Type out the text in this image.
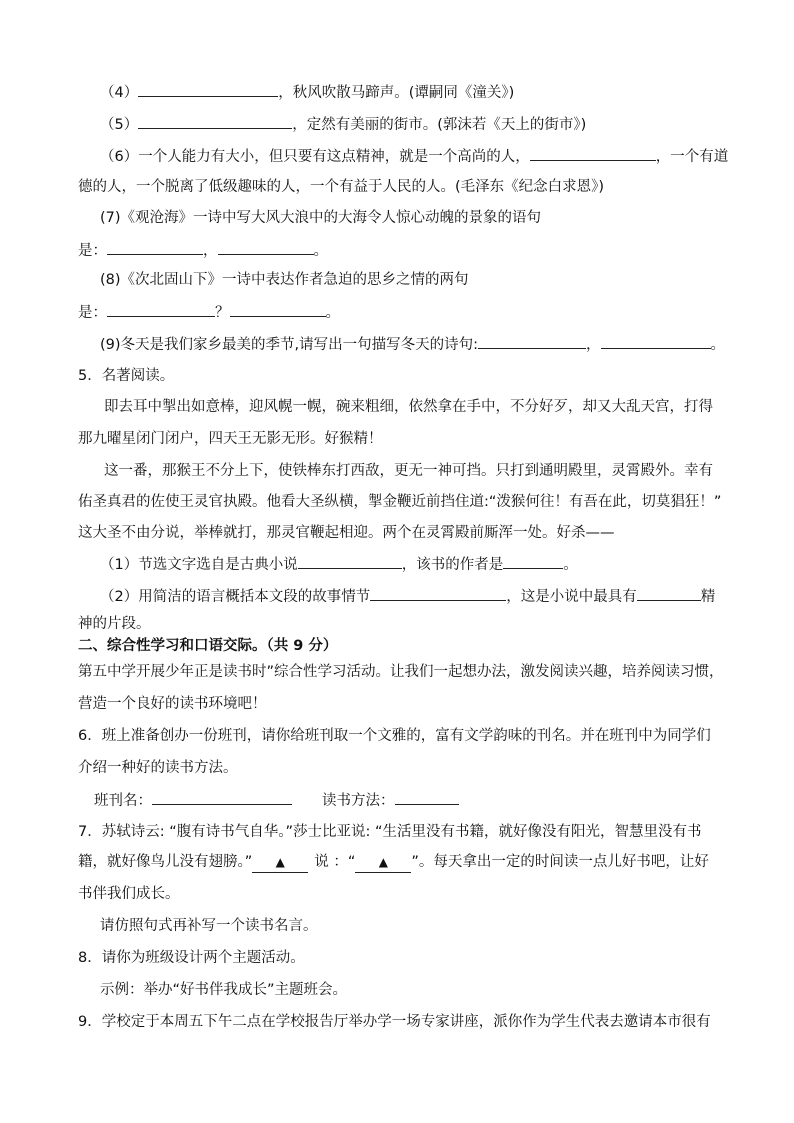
（4）	，秋风吹散马蹄声。(谭嗣同《潼关》)
（5）	，定然有美丽的街市。(郭沫若《天上的街市》)
（6）一个人能力有大小，但只要有这点精神，就是一个高尚的人，	，一个有道
德的人，一个脱离了低级趣味的人，一个有益于人民的人。(毛泽东《纪念白求恩》)
(7)《观沧海》一诗中写大风大浪中的大海令人惊心动魄的景象的语句
是：	，	。
(8)《次北固山下》一诗中表达作者急迫的思乡之情的两句
是：	？	。
(9)冬天是我们家乡最美的季节,请写出一句描写冬天的诗句:	，	。
5．名著阅读。
即去耳中掣出如意棒，迎风幌一幌，碗来粗细，依然拿在手中，不分好歹，却又大乱天宫，打得
那九曜星闭门闭户，四天王无影无形。好猴精！
这一番，那猴王不分上下，使铁棒东打西敌，更无一神可挡。只打到通明殿里，灵霄殿外。幸有
佑圣真君的佐使王灵官执殿。他看大圣纵横，掣金鞭近前挡住道:“泼猴何往！有吾在此，切莫猖狂！”
这大圣不由分说，举棒就打，那灵官鞭起相迎。两个在灵霄殿前厮浑一处。好杀——
（1）节选文字选自是古典小说	，该书的作者是	。
（2）用简洁的语言概括本文段的故事情节	，这是小说中最具有	精
神的片段。
二、综合性学习和口语交际。（共 9 分）
第五中学开展少年正是读书时”综合性学习活动。让我们一起想办法，激发阅读兴趣，培养阅读习惯，
营造一个良好的读书环境吧！
6．班上准备创办一份班刊，请你给班刊取一个文雅的，富有文学韵味的刊名。并在班刊中为同学们
介绍一种好的读书方法。
班刊名：	读书方法：
7．苏轼诗云: “腹有诗书气自华。”莎士比亚说: “生活里没有书籍，就好像没有阳光，智慧里没有书
籍，就好像鸟儿没有翅膀。” ▲ 说 ：“ ▲ ”。每天拿出一定的时间读一点儿好书吧，让好
书伴我们成长。
请仿照句式再补写一个读书名言。
8．请你为班级设计两个主题活动。
示例：举办“好书伴我成长”主题班会。
9．学校定于本周五下午二点在学校报告厅举办学一场专家讲座，派你作为学生代表去邀请本市很有
